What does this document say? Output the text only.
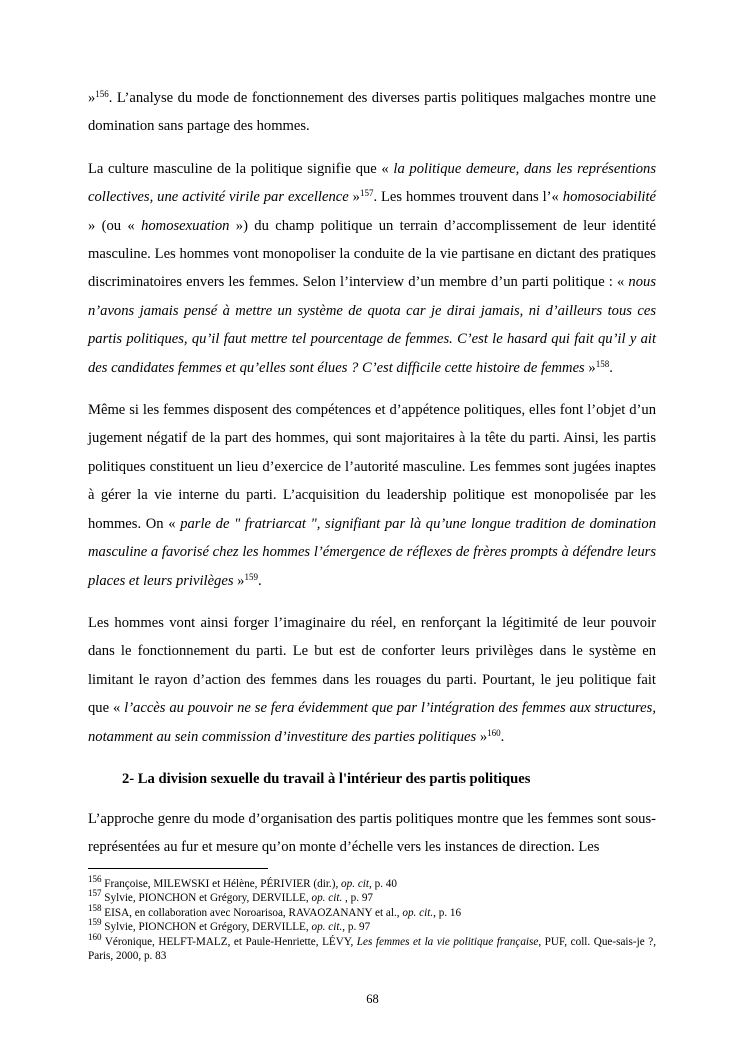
»$^{156}$. L’analyse du mode de fonctionnement des diverses partis politiques malgaches montre une domination sans partage des hommes.

La culture masculine de la politique signifie que « la politique demeure, dans les représentions collectives, une activité virile par excellence »$^{157}$. Les hommes trouvent dans l’« homosociabilité » (ou « homosexuation ») du champ politique un terrain d’accomplissement de leur identité masculine. Les hommes vont monopoliser la conduite de la vie partisane en dictant des pratiques discriminatoires envers les femmes. Selon l’interview d’un membre d’un parti politique : « nous n’avons jamais pensé à mettre un système de quota car je dirai jamais, ni d’ailleurs tous ces partis politiques, qu’il faut mettre tel pourcentage de femmes. C’est le hasard qui fait qu’il y ait des candidates femmes et qu’elles sont élues ? C’est difficile cette histoire de femmes »$^{158}$.

Même si les femmes disposent des compétences et d’appétence politiques, elles font l’objet d’un jugement négatif de la part des hommes, qui sont majoritaires à la tête du parti. Ainsi, les partis politiques constituent un lieu d’exercice de l’autorité masculine. Les femmes sont jugées inaptes à gérer la vie interne du parti. L’acquisition du leadership politique est monopolisée par les hommes. On « parle de " fratriarcat ", signifiant par là qu’une longue tradition de domination masculine a favorisé chez les hommes l’émergence de réflexes de frères prompts à défendre leurs places et leurs privilèges »$^{159}$.

Les hommes vont ainsi forger l’imaginaire du réel, en renforçant la légitimité de leur pouvoir dans le fonctionnement du parti. Le but est de conforter leurs privilèges dans le système en limitant le rayon d’action des femmes dans les rouages du parti. Pourtant, le jeu politique fait que « l’accès au pouvoir ne se fera évidemment que par l’intégration des femmes aux structures, notamment au sein commission d’investiture des parties politiques »$^{160}$.

2- La division sexuelle du travail à l'intérieur des partis politiques

L’approche genre du mode d’organisation des partis politiques montre que les femmes sont sous-représentées au fur et mesure qu’on monte d’échelle vers les instances de direction. Les

$^{156}$ Françoise, MILEWSKI et Hélène, PÉRIVIER (dir.), op. cit, p. 40

$^{157}$ Sylvie, PIONCHON et Grégory, DERVILLE, op. cit. , p. 97

$^{158}$ EISA, en collaboration avec Noroarisoa, RAVAOZANANY et al., op. cit., p. 16

$^{159}$ Sylvie, PIONCHON et Grégory, DERVILLE, op. cit., p. 97

$^{160}$ Véronique, HELFT-MALZ, et Paule-Henriette, LÉVY, Les femmes et la vie politique française, PUF, coll. Que-sais-je ?, Paris, 2000, p. 83

68
